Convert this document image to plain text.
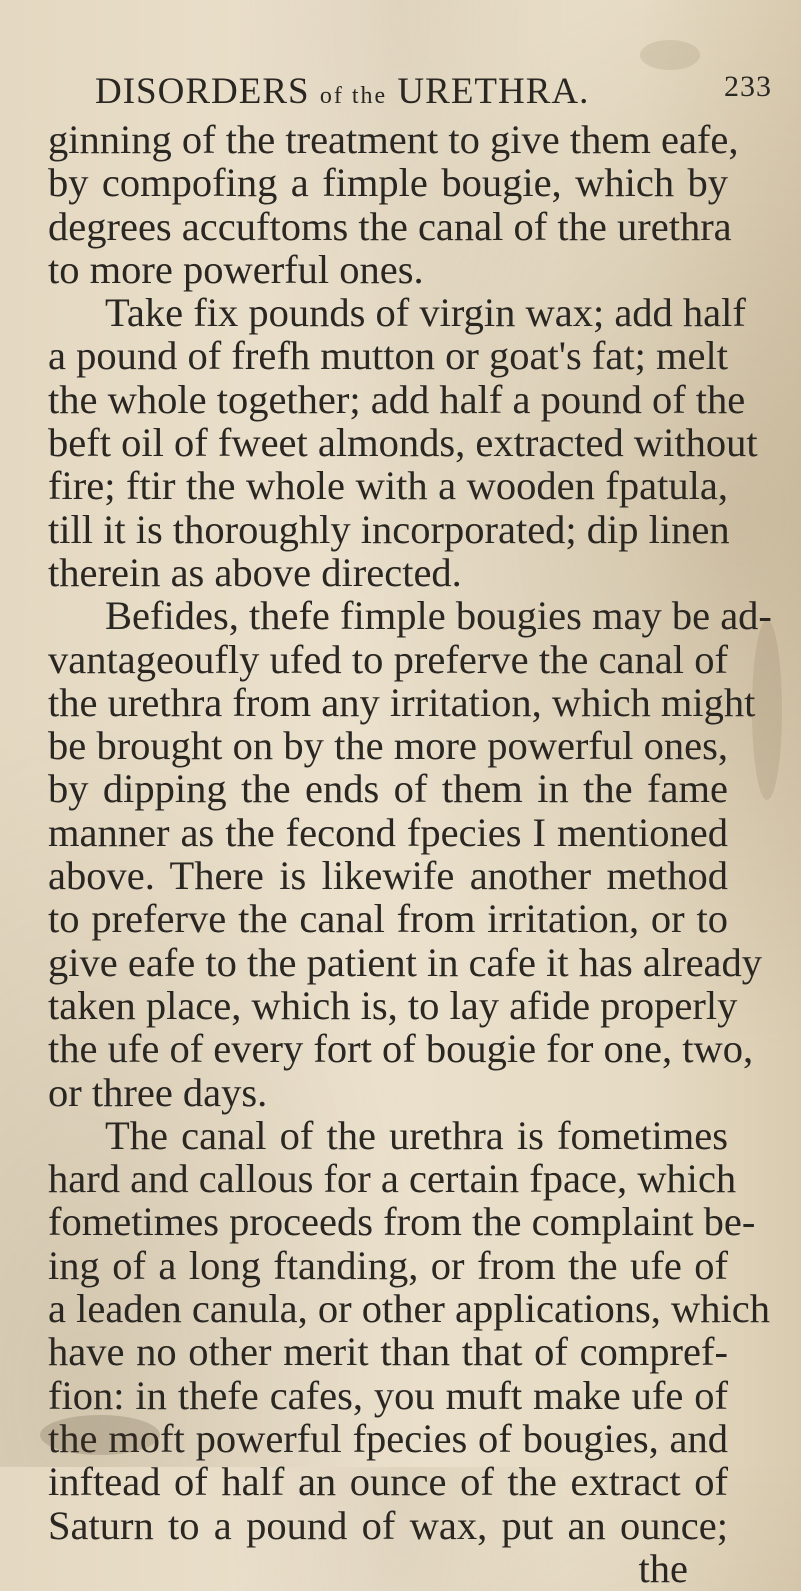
DISORDERS of the URETHRA.	233
ginning of the treatment to give them eafe,
by compofing a fimple bougie, which by
degrees accuftoms the canal of the urethra
to more powerful ones.
Take fix pounds of virgin wax; add half
a pound of frefh mutton or goat's fat; melt
the whole together; add half a pound of the
beft oil of fweet almonds, extracted without
fire; ftir the whole with a wooden fpatula,
till it is thoroughly incorporated; dip linen
therein as above directed.
Befides, thefe fimple bougies may be ad-
vantageoufly ufed to preferve the canal of
the urethra from any irritation, which might
be brought on by the more powerful ones,
by dipping the ends of them in the fame
manner as the fecond fpecies I mentioned
above. There is likewife another method
to preferve the canal from irritation, or to
give eafe to the patient in cafe it has already
taken place, which is, to lay afide properly
the ufe of every fort of bougie for one, two,
or three days.
The canal of the urethra is fometimes
hard and callous for a certain fpace, which
fometimes proceeds from the complaint be-
ing of a long ftanding, or from the ufe of
a leaden canula, or other applications, which
have no other merit than that of compref-
fion: in thefe cafes, you muft make ufe of
the moft powerful fpecies of bougies, and
inftead of half an ounce of the extract of
Saturn to a pound of wax, put an ounce;
the
